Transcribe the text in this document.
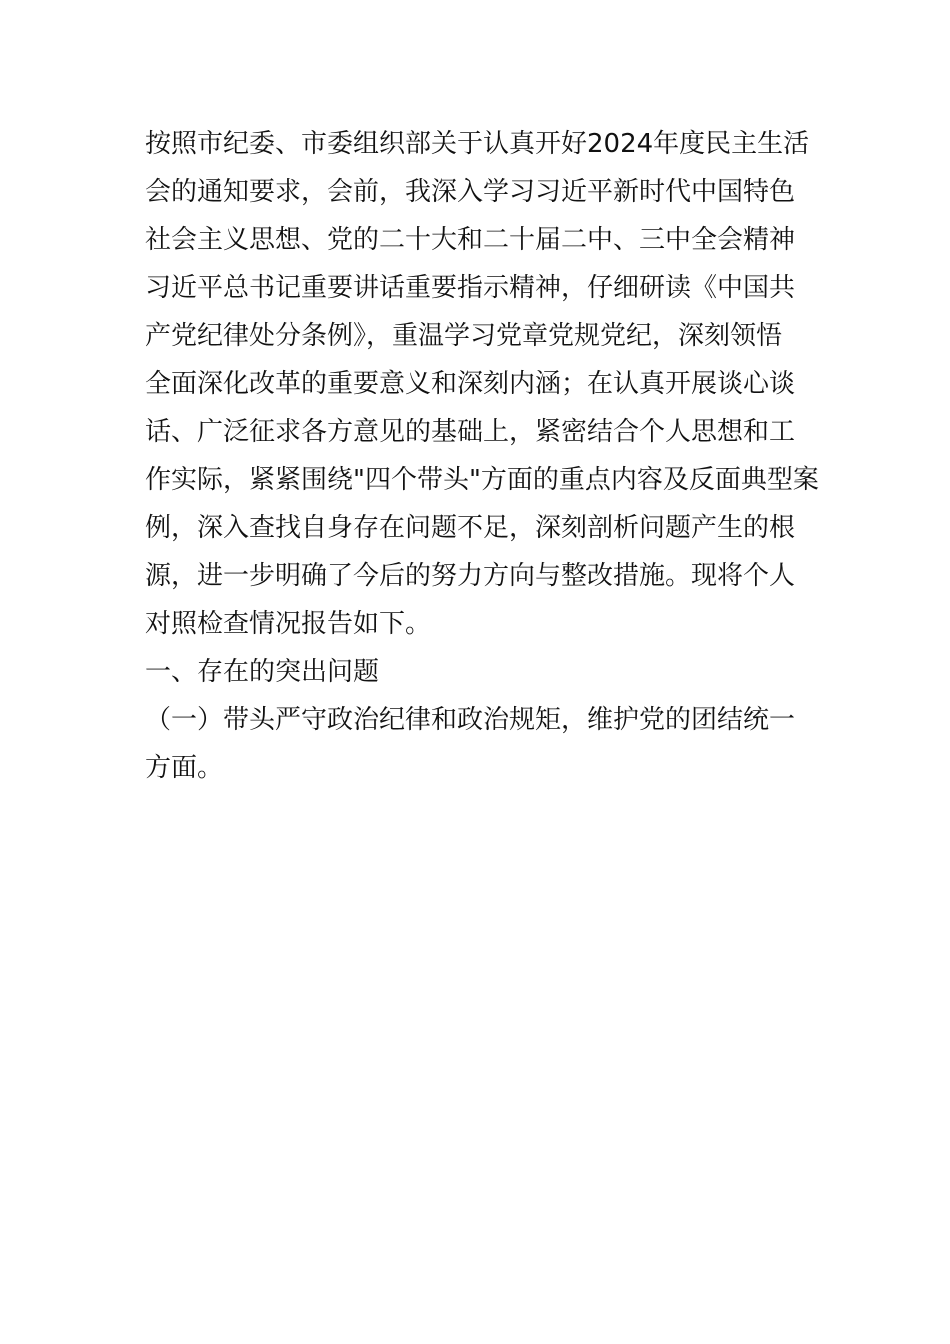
按照市纪委、市委组织部关于认真开好2024年度民主生活
会的通知要求，会前，我深入学习习近平新时代中国特色
社会主义思想、党的二十大和二十届二中、三中全会精神
习近平总书记重要讲话重要指示精神，仔细研读《中国共
产党纪律处分条例》，重温学习党章党规党纪，深刻领悟
全面深化改革的重要意义和深刻内涵；在认真开展谈心谈
话、广泛征求各方意见的基础上，紧密结合个人思想和工
作实际，紧紧围绕"四个带头"方面的重点内容及反面典型案
例，深入查找自身存在问题不足，深刻剖析问题产生的根
源，进一步明确了今后的努力方向与整改措施。现将个人
对照检查情况报告如下。
一、存在的突出问题
（一）带头严守政治纪律和政治规矩，维护党的团结统一
方面。
